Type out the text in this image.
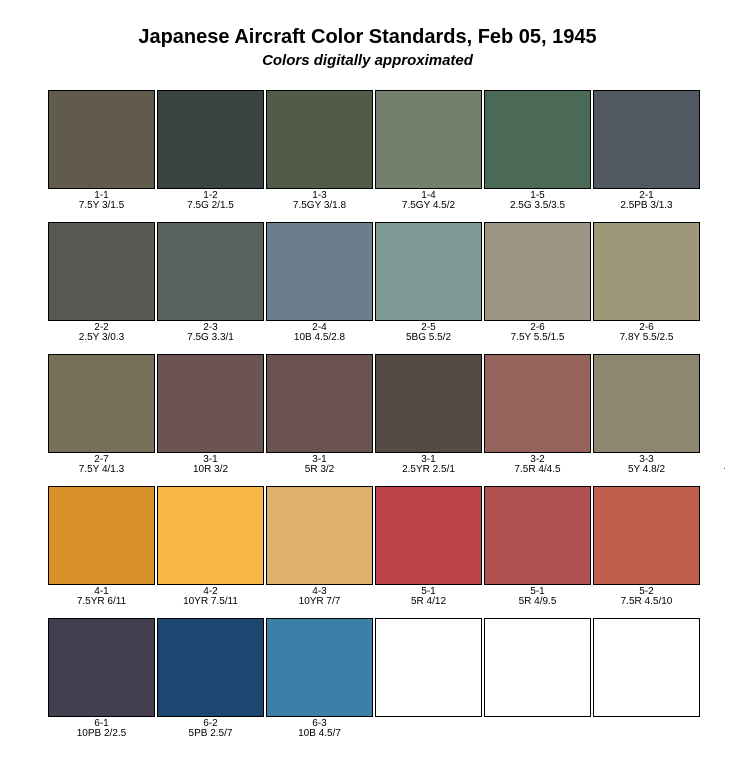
Japanese Aircraft Color Standards, Feb 05, 1945
Colors digitally approximated
1-1
7.5Y 3/1.5
1-2
7.5G 2/1.5
1-3
7.5GY 3/1.8
1-4
7.5GY 4.5/2
1-5
2.5G 3.5/3.5
2-1
2.5PB 3/1.3
2-2
2.5Y 3/0.3
2-3
7.5G 3.3/1
2-4
10B 4.5/2.8
2-5
5BG 5.5/2
2-6
7.5Y 5.5/1.5
2-6
7.8Y 5.5/2.5
2-7
7.5Y 4/1.3
3-1
10R 3/2
3-1
5R 3/2
3-1
2.5YR 2.5/1
3-2
7.5R 4/4.5
3-3
5Y 4.8/2
4-1
7.5YR 6/11
4-2
10YR 7.5/11
4-3
10YR 7/7
5-1
5R 4/12
5-1
5R 4/9.5
5-2
7.5R 4.5/10
6-1
10PB 2/2.5
6-2
5PB 2.5/7
6-3
10B 4.5/7
